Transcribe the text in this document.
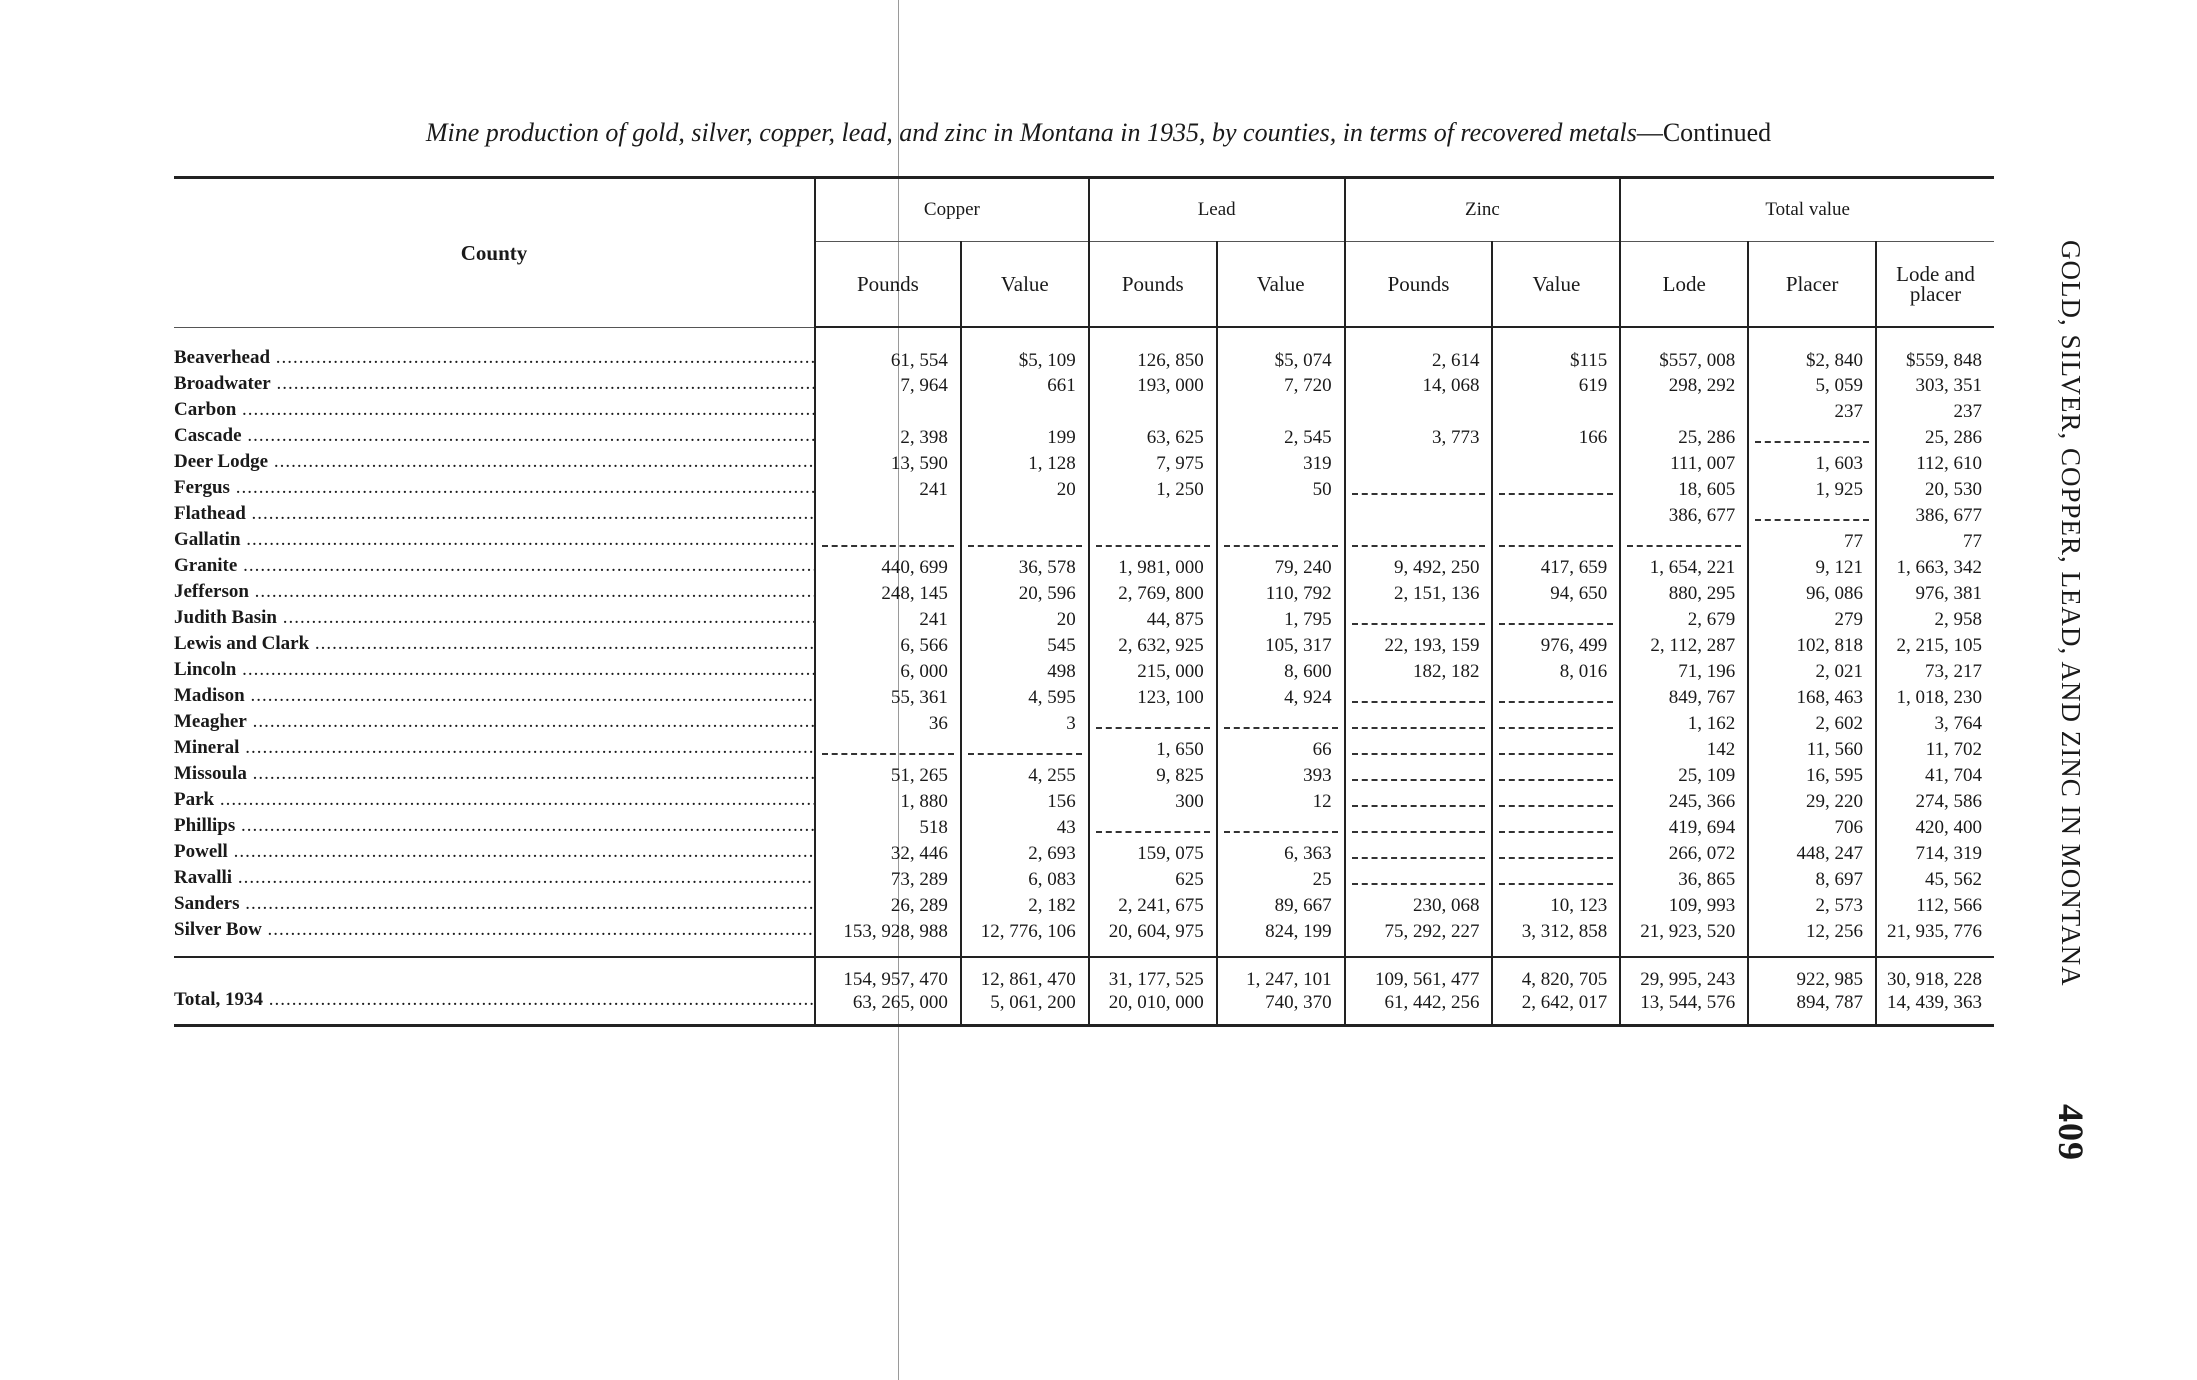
Mine production of gold, silver, copper, lead, and zinc in Montana in 1935, by counties, in terms of recovered metals—Continued
GOLD, SILVER, COPPER, LEAD, AND ZINC IN MONTANA 409
County	Copper		Lead		Zinc		Total value		
	Pounds	Value	Pounds	Value	Pounds	Value	Lode	Placer	Lode and placer
Beaverhead .....	61, 554	$5, 109	126, 850	$5, 074	2, 614	$115	$557, 008	$2, 840	$559, 848
Broadwater .....	7, 964	661	193, 000	7, 720	14, 068	619	298, 292	5, 059	303, 351
Carbon .....								237	237
Cascade .....	2, 398	199	63, 625	2, 545	3, 773	166	25, 286		25, 286
Deer Lodge .....	13, 590	1, 128	7, 975	319			111, 007	1, 603	112, 610
Fergus .....	241	20	1, 250	50			18, 605	1, 925	20, 530
Flathead .....							386, 677		386, 677
Gallatin .....								77	77
Granite .....	440, 699	36, 578	1, 981, 000	79, 240	9, 492, 250	417, 659	1, 654, 221	9, 121	1, 663, 342
Jefferson .....	248, 145	20, 596	2, 769, 800	110, 792	2, 151, 136	94, 650	880, 295	96, 086	976, 381
Judith Basin .....	241	20	44, 875	1, 795			2, 679	279	2, 958
Lewis and Clark .....	6, 566	545	2, 632, 925	105, 317	22, 193, 159	976, 499	2, 112, 287	102, 818	2, 215, 105
Lincoln .....	6, 000	498	215, 000	8, 600	182, 182	8, 016	71, 196	2, 021	73, 217
Madison .....	55, 361	4, 595	123, 100	4, 924			849, 767	168, 463	1, 018, 230
Meagher .....	36	3					1, 162	2, 602	3, 764
Mineral .....			1, 650	66			142	11, 560	11, 702
Missoula .....	51, 265	4, 255	9, 825	393			25, 109	16, 595	41, 704
Park .....	1, 880	156	300	12			245, 366	29, 220	274, 586
Phillips .....	518	43					419, 694	706	420, 400
Powell .....	32, 446	2, 693	159, 075	6, 363			266, 072	448, 247	714, 319
Ravalli .....	73, 289	6, 083	625	25			36, 865	8, 697	45, 562
Sanders .....	26, 289	2, 182	2, 241, 675	89, 667	230, 068	10, 123	109, 993	2, 573	112, 566
Silver Bow .....	153, 928, 988	12, 776, 106	20, 604, 975	824, 199	75, 292, 227	3, 312, 858	21, 923, 520	12, 256	21, 935, 776
	154, 957, 470	12, 861, 470	31, 177, 525	1, 247, 101	109, 561, 477	4, 820, 705	29, 995, 243	922, 985	30, 918, 228
Total, 1934 .....	63, 265, 000	5, 061, 200	20, 010, 000	740, 370	61, 442, 256	2, 642, 017	13, 544, 576	894, 787	14, 439, 363
